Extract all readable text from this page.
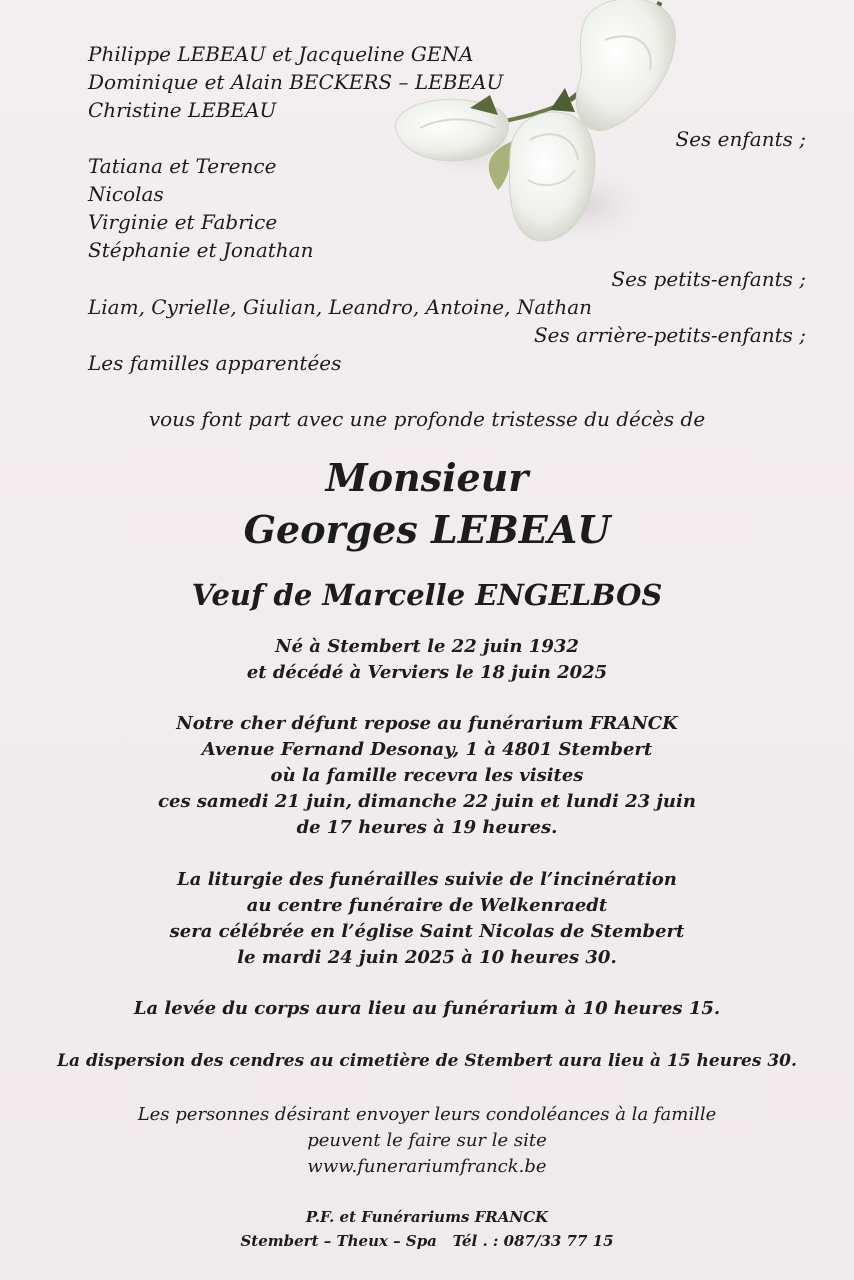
Philippe LEBEAU et Jacqueline GENA
Dominique et Alain BECKERS – LEBEAU
Christine LEBEAU
Ses enfants ;
Tatiana et Terence
Nicolas
Virginie et Fabrice
Stéphanie et Jonathan
Ses petits-enfants ;
Liam, Cyrielle, Giulian, Leandro, Antoine, Nathan
Ses arrière-petits-enfants ;
Les familles apparentées
vous font part avec une profonde tristesse du décès de
Monsieur
Georges LEBEAU
Veuf de Marcelle ENGELBOS
Né à Stembert le 22 juin 1932
et décédé à Verviers le 18 juin 2025
Notre cher défunt repose au funérarium FRANCK
Avenue Fernand Desonay, 1 à 4801 Stembert
où la famille recevra les visites
ces samedi 21 juin, dimanche 22 juin et lundi 23 juin
de 17 heures à 19 heures.
La liturgie des funérailles suivie de l’incinération
au centre funéraire de Welkenraedt
sera célébrée en l’église Saint Nicolas de Stembert
le mardi 24 juin 2025 à 10 heures 30.
La levée du corps aura lieu au funérarium à 10 heures 15.
La dispersion des cendres au cimetière de Stembert aura lieu à 15 heures 30.
Les personnes désirant envoyer leurs condoléances à la famille
peuvent le faire sur le site
www.funerariumfranck.be
P.F. et Funérariums FRANCK
Stembert – Theux – Spa   Tél . : 087/33 77 15
